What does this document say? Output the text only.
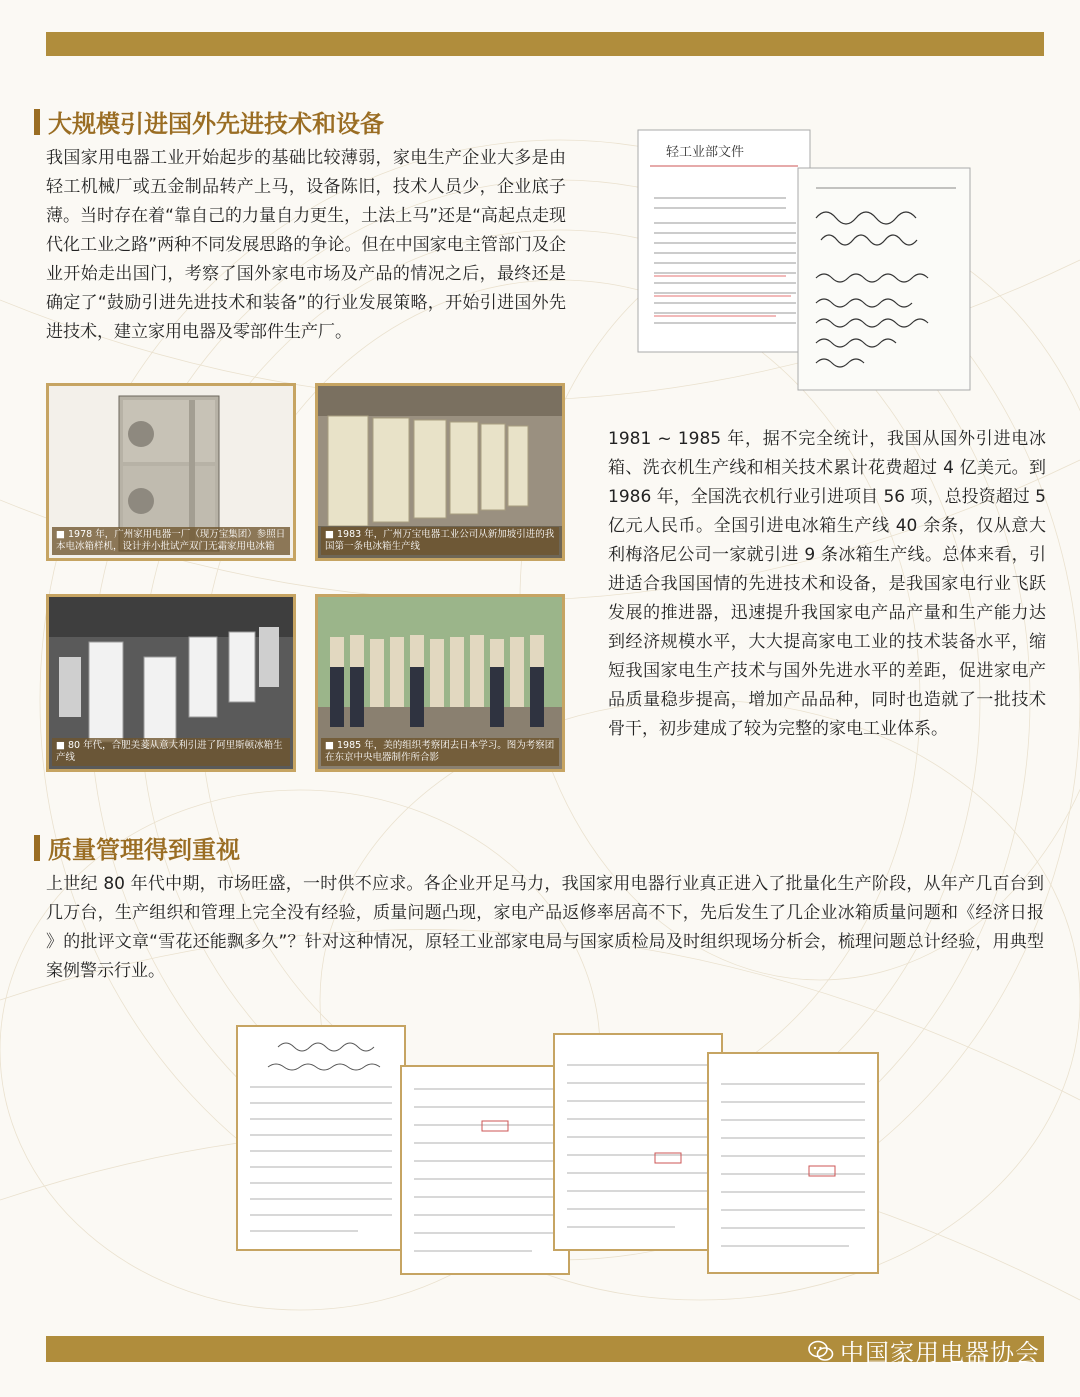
大规模引进国外先进技术和设备

我国家用电器工业开始起步的基础比较薄弱，家电生产企业大多是由轻工机械厂或五金制品转产上马，设备陈旧，技术人员少，企业底子薄。当时存在着“靠自己的力量自力更生，土法上马”还是“高起点走现代化工业之路”两种不同发展思路的争论。但在中国家电主管部门及企业开始走出国门，考察了国外家电市场及产品的情况之后，最终还是确定了“鼓励引进先进技术和装备”的行业发展策略，开始引进国外先进技术，建立家用电器及零部件生产厂。

轻工业部文件
■ 1978 年，广州家用电器一厂（现万宝集团）参照日本电冰箱样机，设计并小批试产双门无霜家用电冰箱
■ 1983 年，广州万宝电器工业公司从新加坡引进的我国第一条电冰箱生产线
■ 80 年代，合肥美菱从意大利引进了阿里斯顿冰箱生产线
■ 1985 年，美的组织考察团去日本学习。图为考察团在东京中央电器制作所合影

1981 ~ 1985 年，据不完全统计，我国从国外引进电冰箱、洗衣机生产线和相关技术累计花费超过 4 亿美元。到 1986 年，全国洗衣机行业引进项目 56 项，总投资超过 5 亿元人民币。全国引进电冰箱生产线 40 余条，仅从意大利梅洛尼公司一家就引进 9 条冰箱生产线。总体来看，引进适合我国国情的先进技术和设备，是我国家电行业飞跃发展的推进器，迅速提升我国家电产品产量和生产能力达到经济规模水平，大大提高家电工业的技术装备水平，缩短我国家电生产技术与国外先进水平的差距，促进家电产品质量稳步提高，增加产品品种，同时也造就了一批技术骨干，初步建成了较为完整的家电工业体系。

质量管理得到重视

上世纪 80 年代中期，市场旺盛，一时供不应求。各企业开足马力，我国家用电器行业真正进入了批量化生产阶段，从年产几百台到几万台，生产组织和管理上完全没有经验，质量问题凸现，家电产品返修率居高不下，先后发生了几企业冰箱质量问题和《经济日报 》的批评文章“雪花还能飘多久”？针对这种情况，原轻工业部家电局与国家质检局及时组织现场分析会，梳理问题总计经验，用典型案例警示行业。

中国家用电器协会
